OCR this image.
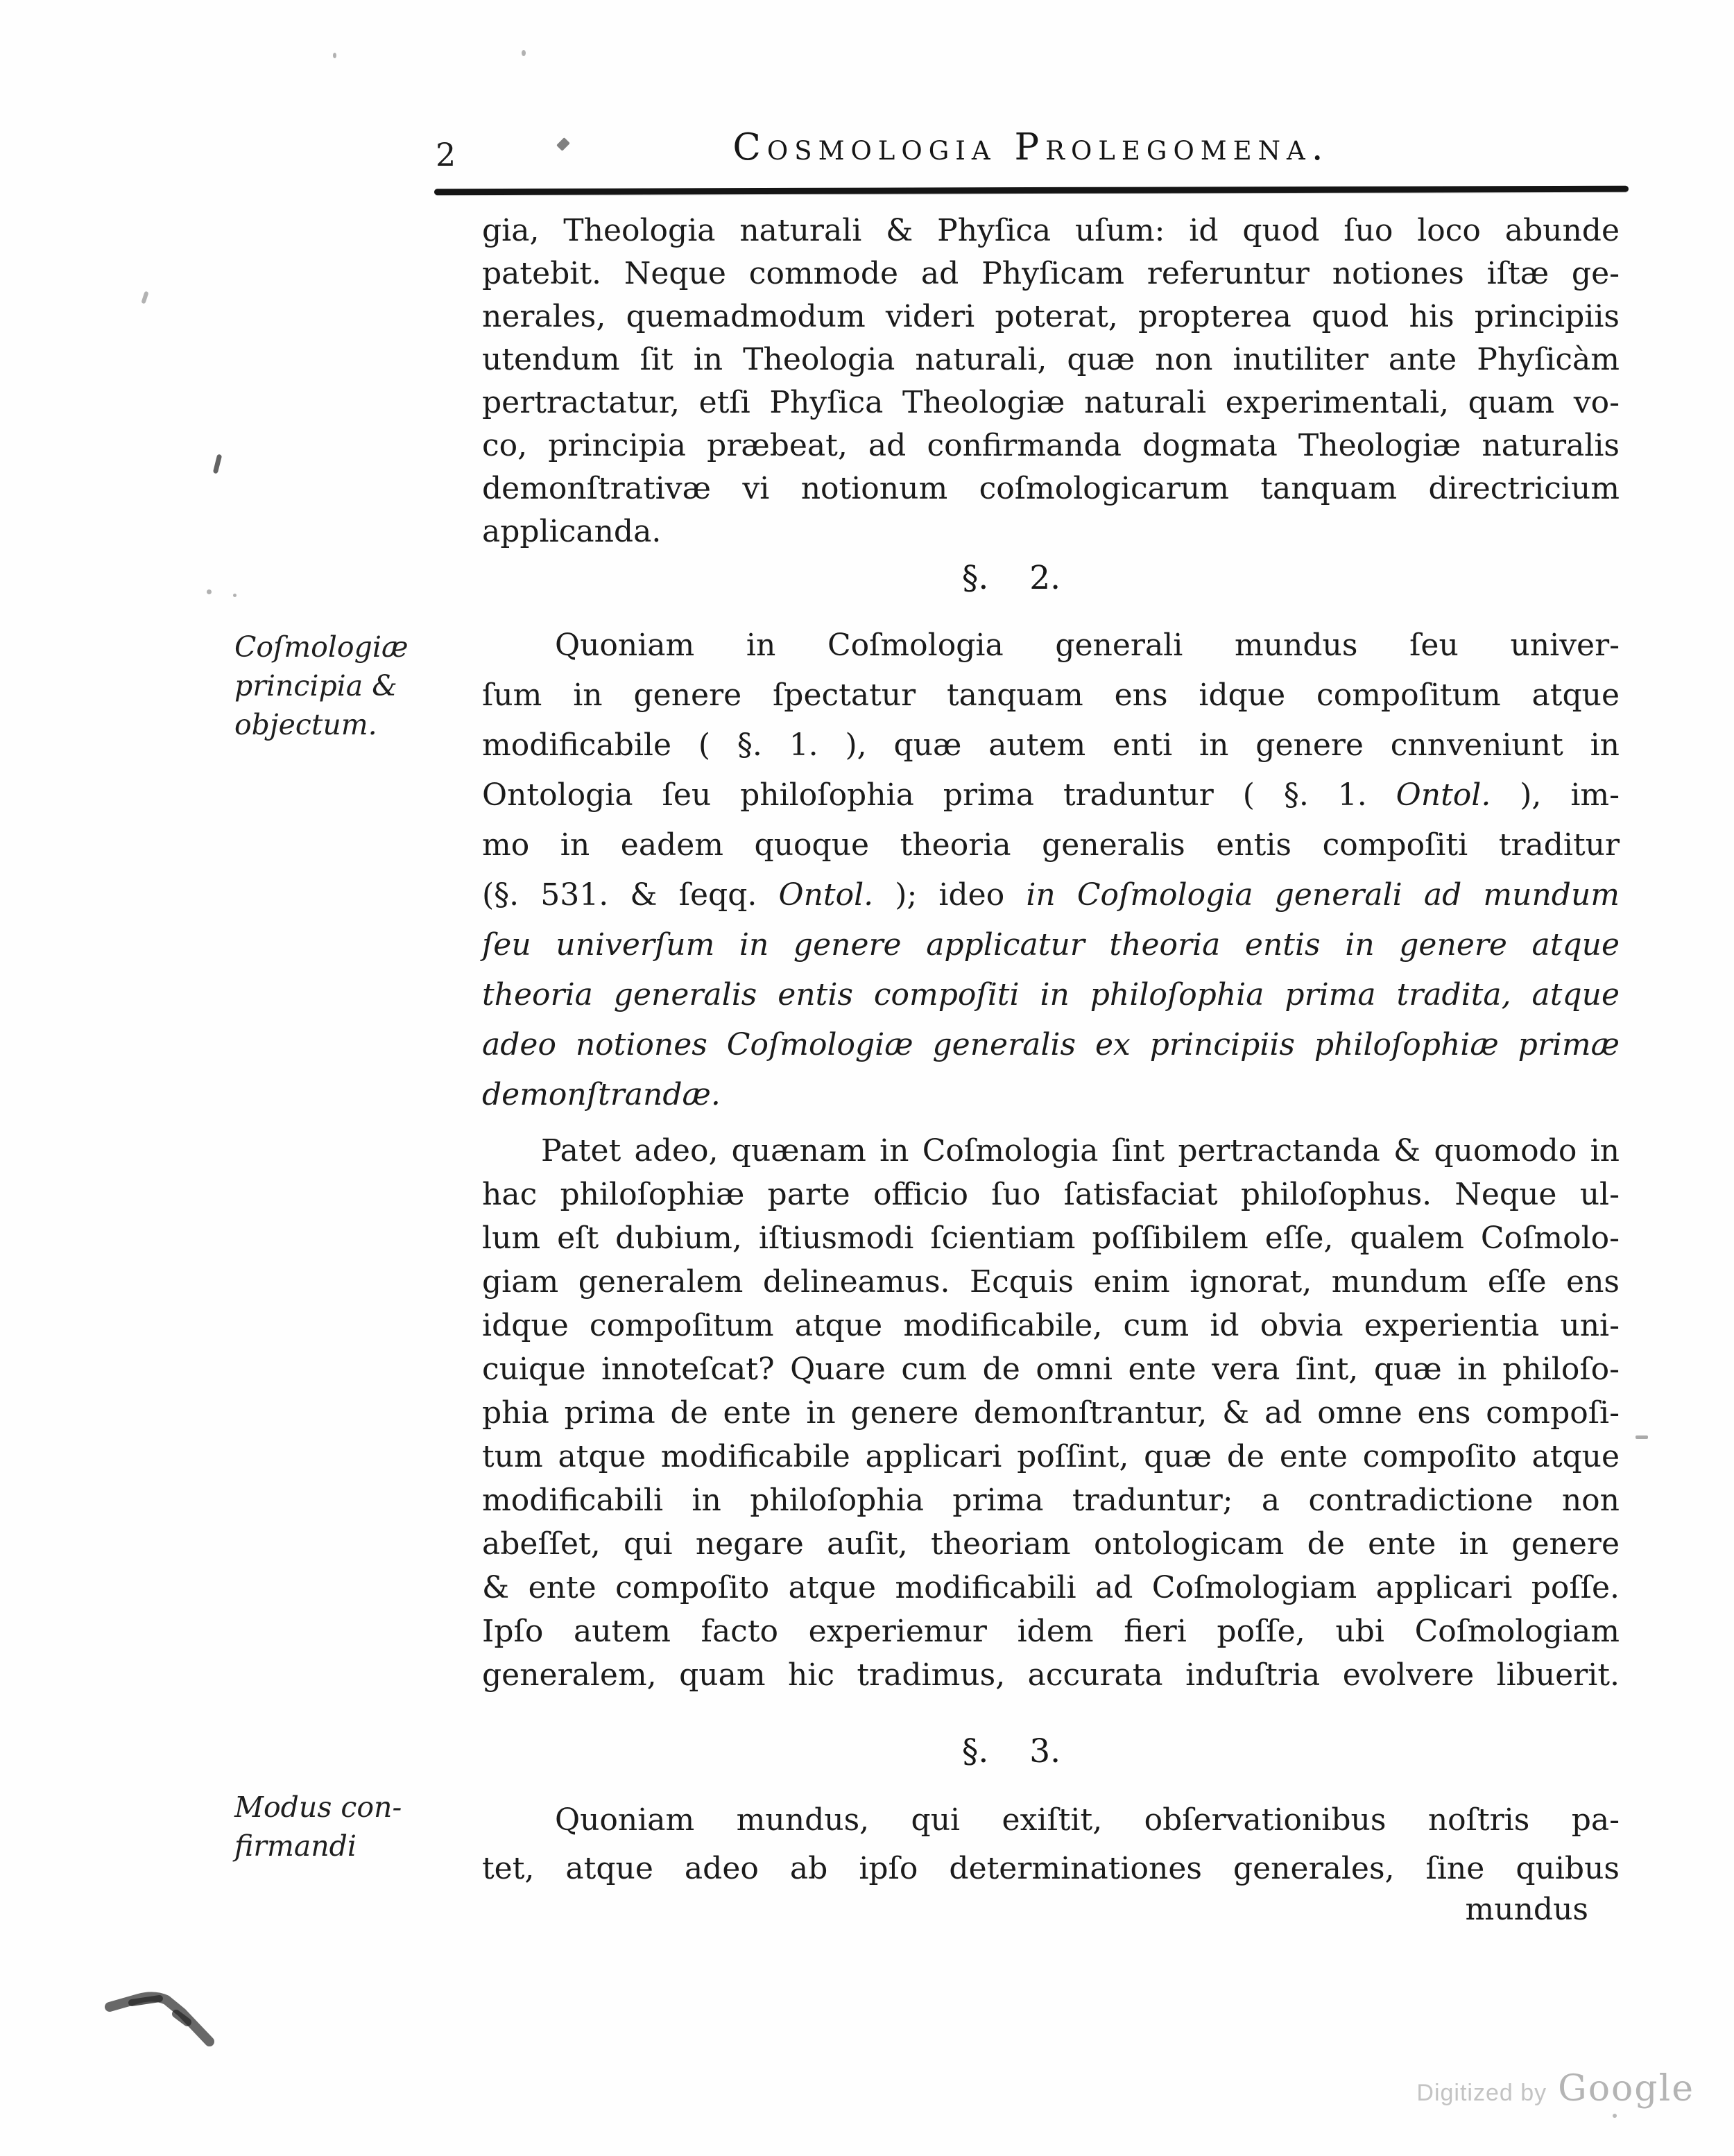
2	Cosmologia Prolegomena.
gia, Theologia naturali & Phyſica uſum: id quod ſuo loco abunde
patebit. Neque commode ad Phyſicam referuntur notiones iſtæ ge-
nerales, quemadmodum videri poterat, propterea quod his principiis
utendum ſit in Theologia naturali, quæ non inutiliter ante Phyſicàm
pertractatur, etſi Phyſica Theologiæ naturali experimentali, quam vo-
co, principia præbeat, ad confirmanda dogmata Theologiæ naturalis
demonſtrativæ vi notionum coſmologicarum tanquam directricium
applicanda.
§. 2.
Coſmologiæ
principia &
objectum.
Quoniam in Coſmologia generali mundus ſeu univer-
ſum in genere ſpectatur tanquam ens idque compoſitum atque
modificabile ( §. 1. ), quæ autem enti in genere cnnveniunt in
Ontologia ſeu philoſophia prima traduntur ( §. 1. Ontol. ), im-
mo in eadem quoque theoria generalis entis compoſiti traditur
(§. 531. & ſeqq. Ontol. ); ideo in Coſmologia generali ad mundum
ſeu univerſum in genere applicatur theoria entis in genere atque
theoria generalis entis compoſiti in philoſophia prima tradita, atque
adeo notiones Coſmologiæ generalis ex principiis philoſophiæ primæ
demonſtrandæ.
Patet adeo, quænam in Coſmologia ſint pertractanda & quomodo in
hac philoſophiæ parte officio ſuo ſatisfaciat philoſophus. Neque ul-
lum eſt dubium, iſtiusmodi ſcientiam poſſibilem eſſe, qualem Coſmolo-
giam generalem delineamus. Ecquis enim ignorat, mundum eſſe ens
idque compoſitum atque modificabile, cum id obvia experientia uni-
cuique innoteſcat? Quare cum de omni ente vera ſint, quæ in philoſo-
phia prima de ente in genere demonſtrantur, & ad omne ens compoſi-
tum atque modificabile applicari poſſint, quæ de ente compoſito atque
modificabili in philoſophia prima traduntur; a contradictione non
abeſſet, qui negare auſit, theoriam ontologicam de ente in genere
& ente compoſito atque modificabili ad Coſmologiam applicari poſſe.
Ipſo autem facto experiemur idem fieri poſſe, ubi Coſmologiam
generalem, quam hic tradimus, accurata induſtria evolvere libuerit.
§. 3.
Modus con-
firmandi
Quoniam mundus, qui exiſtit, obſervationibus noſtris pa-
tet, atque adeo ab ipſo determinationes generales, ſine quibus
mundus
Digitized by Google
